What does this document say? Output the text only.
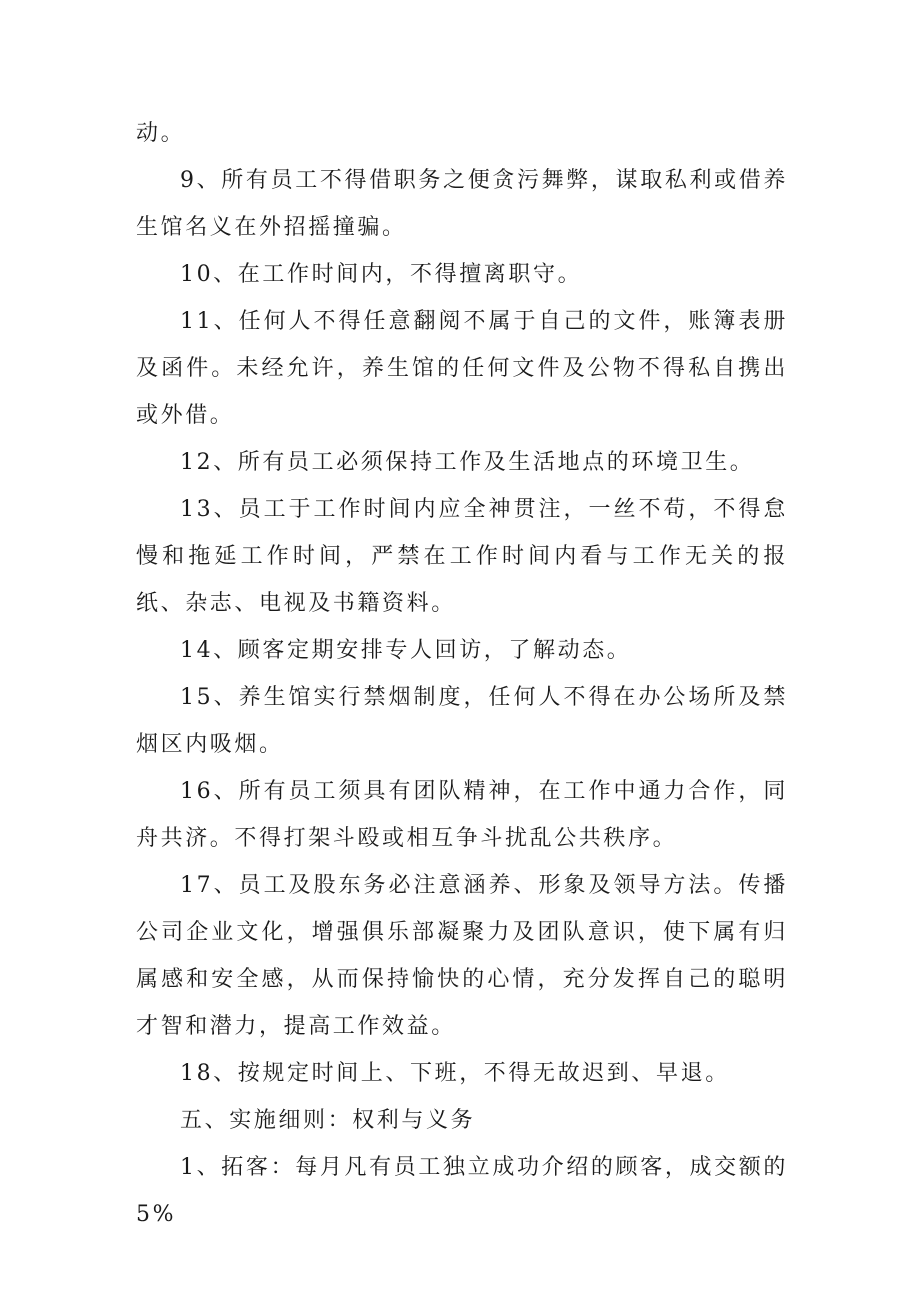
动。

9、所有员工不得借职务之便贪污舞弊，谋取私利或借养生馆名义在外招摇撞骗。

10、在工作时间内，不得擅离职守。

11、任何人不得任意翻阅不属于自己的文件，账簿表册及函件。未经允许，养生馆的任何文件及公物不得私自携出或外借。

12、所有员工必须保持工作及生活地点的环境卫生。

13、员工于工作时间内应全神贯注，一丝不苟，不得怠慢和拖延工作时间，严禁在工作时间内看与工作无关的报纸、杂志、电视及书籍资料。

14、顾客定期安排专人回访，了解动态。

15、养生馆实行禁烟制度，任何人不得在办公场所及禁烟区内吸烟。

16、所有员工须具有团队精神，在工作中通力合作，同舟共济。不得打架斗殴或相互争斗扰乱公共秩序。

17、员工及股东务必注意涵养、形象及领导方法。传播公司企业文化，增强俱乐部凝聚力及团队意识，使下属有归属感和安全感，从而保持愉快的心情，充分发挥自己的聪明才智和潜力，提高工作效益。

18、按规定时间上、下班，不得无故迟到、早退。

五、实施细则：权利与义务

1、拓客：每月凡有员工独立成功介绍的顾客，成交额的5%
